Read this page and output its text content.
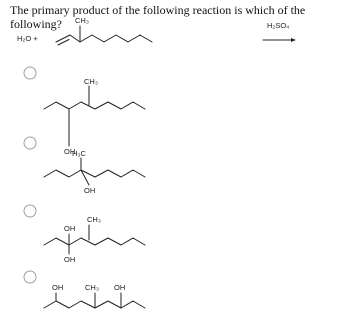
The primary product of the following reaction is which of the following?
H₂O +
CH₃
H₂SO₄
CH₃
OH
H₃C
OH
CH₃
OH
OH
OH	CH₃ OH
